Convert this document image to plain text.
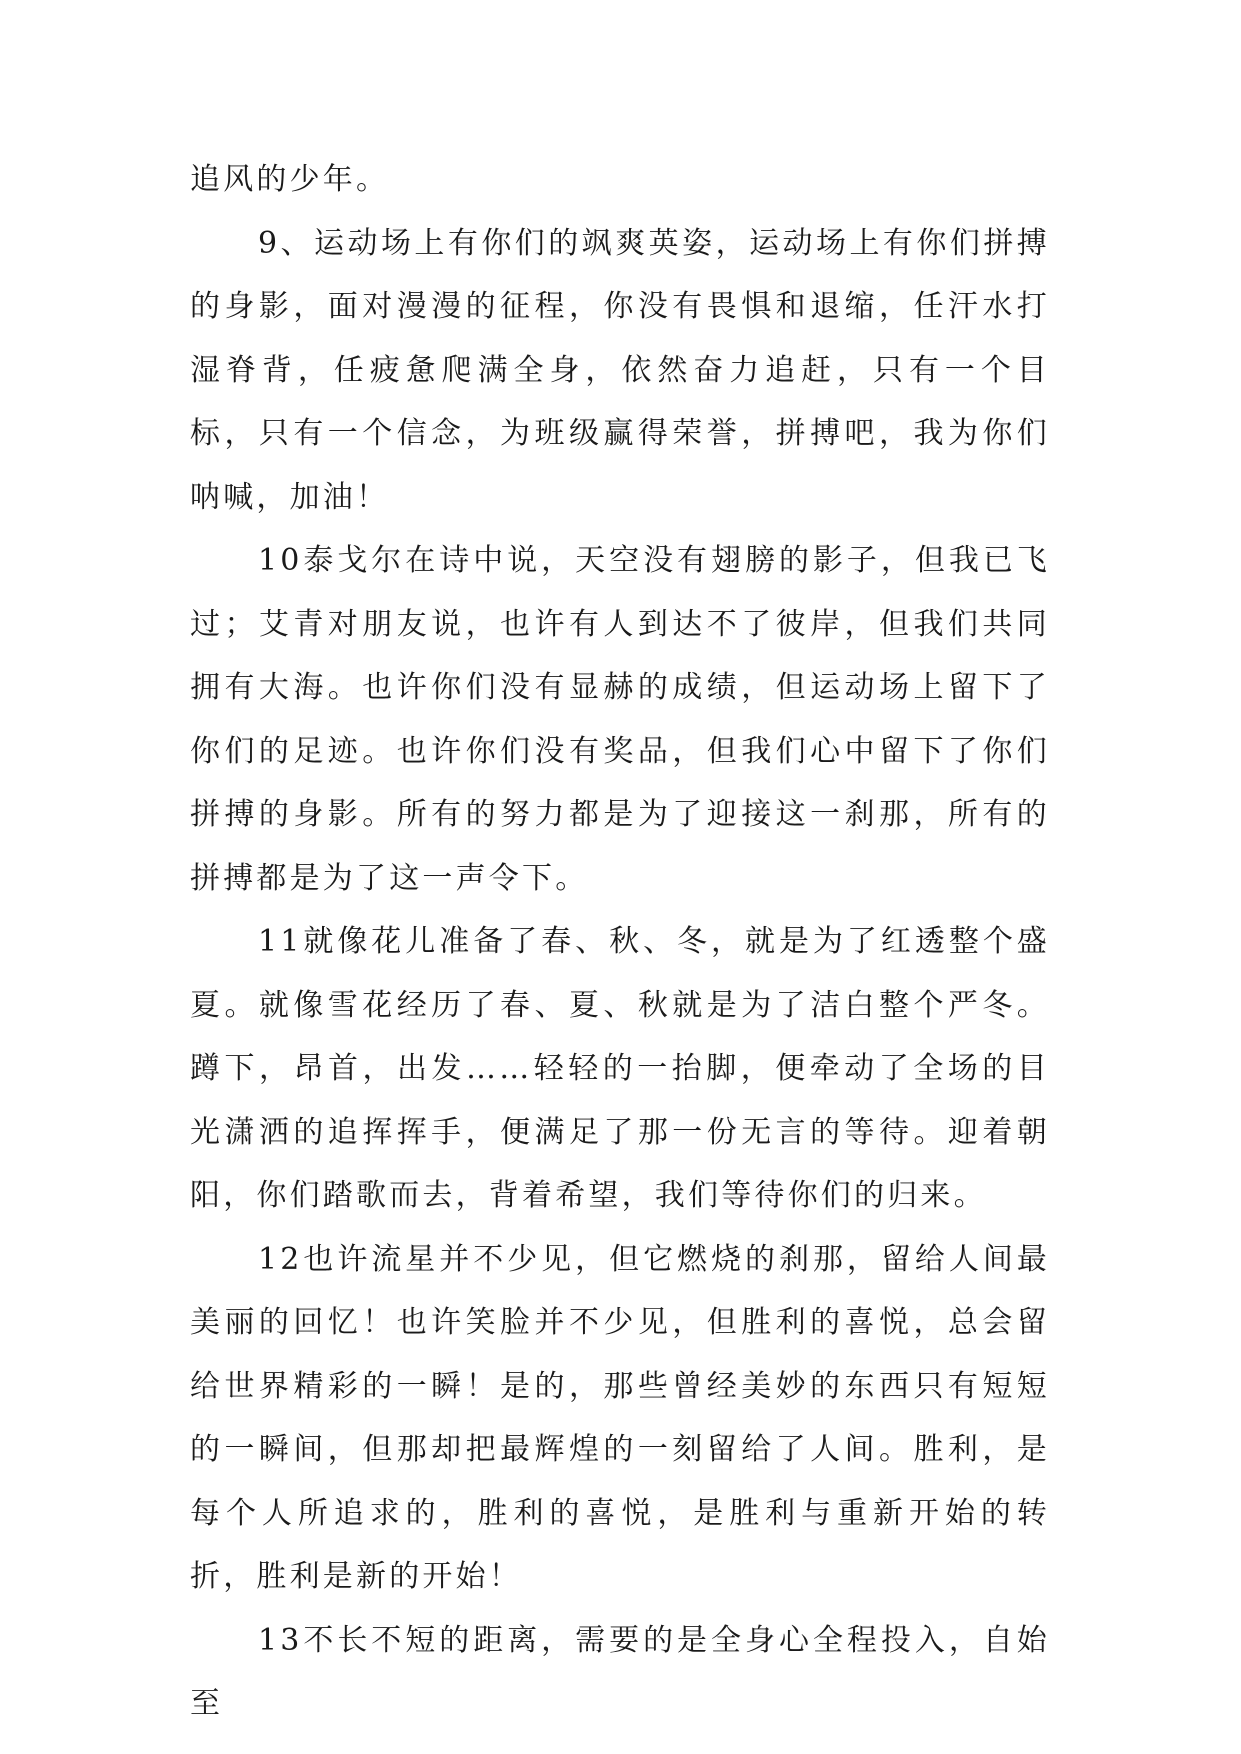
追风的少年。

9、运动场上有你们的飒爽英姿，运动场上有你们拼搏的身影，面对漫漫的征程，你没有畏惧和退缩，任汗水打湿脊背，任疲惫爬满全身，依然奋力追赶，只有一个目标，只有一个信念，为班级赢得荣誉，拼搏吧，我为你们呐喊，加油！

10泰戈尔在诗中说，天空没有翅膀的影子，但我已飞过；艾青对朋友说，也许有人到达不了彼岸，但我们共同拥有大海。也许你们没有显赫的成绩，但运动场上留下了你们的足迹。也许你们没有奖品，但我们心中留下了你们拼搏的身影。所有的努力都是为了迎接这一刹那，所有的拼搏都是为了这一声令下。

11就像花儿准备了春、秋、冬，就是为了红透整个盛夏。就像雪花经历了春、夏、秋就是为了洁白整个严冬。蹲下，昂首，出发……轻轻的一抬脚，便牵动了全场的目光潇洒的追挥挥手，便满足了那一份无言的等待。迎着朝阳，你们踏歌而去，背着希望，我们等待你们的归来。

12也许流星并不少见，但它燃烧的刹那，留给人间最美丽的回忆！也许笑脸并不少见，但胜利的喜悦，总会留给世界精彩的一瞬！是的，那些曾经美妙的东西只有短短的一瞬间，但那却把最辉煌的一刻留给了人间。胜利，是每个人所追求的，胜利的喜悦，是胜利与重新开始的转折，胜利是新的开始！

13不长不短的距离，需要的是全身心全程投入，自始至
